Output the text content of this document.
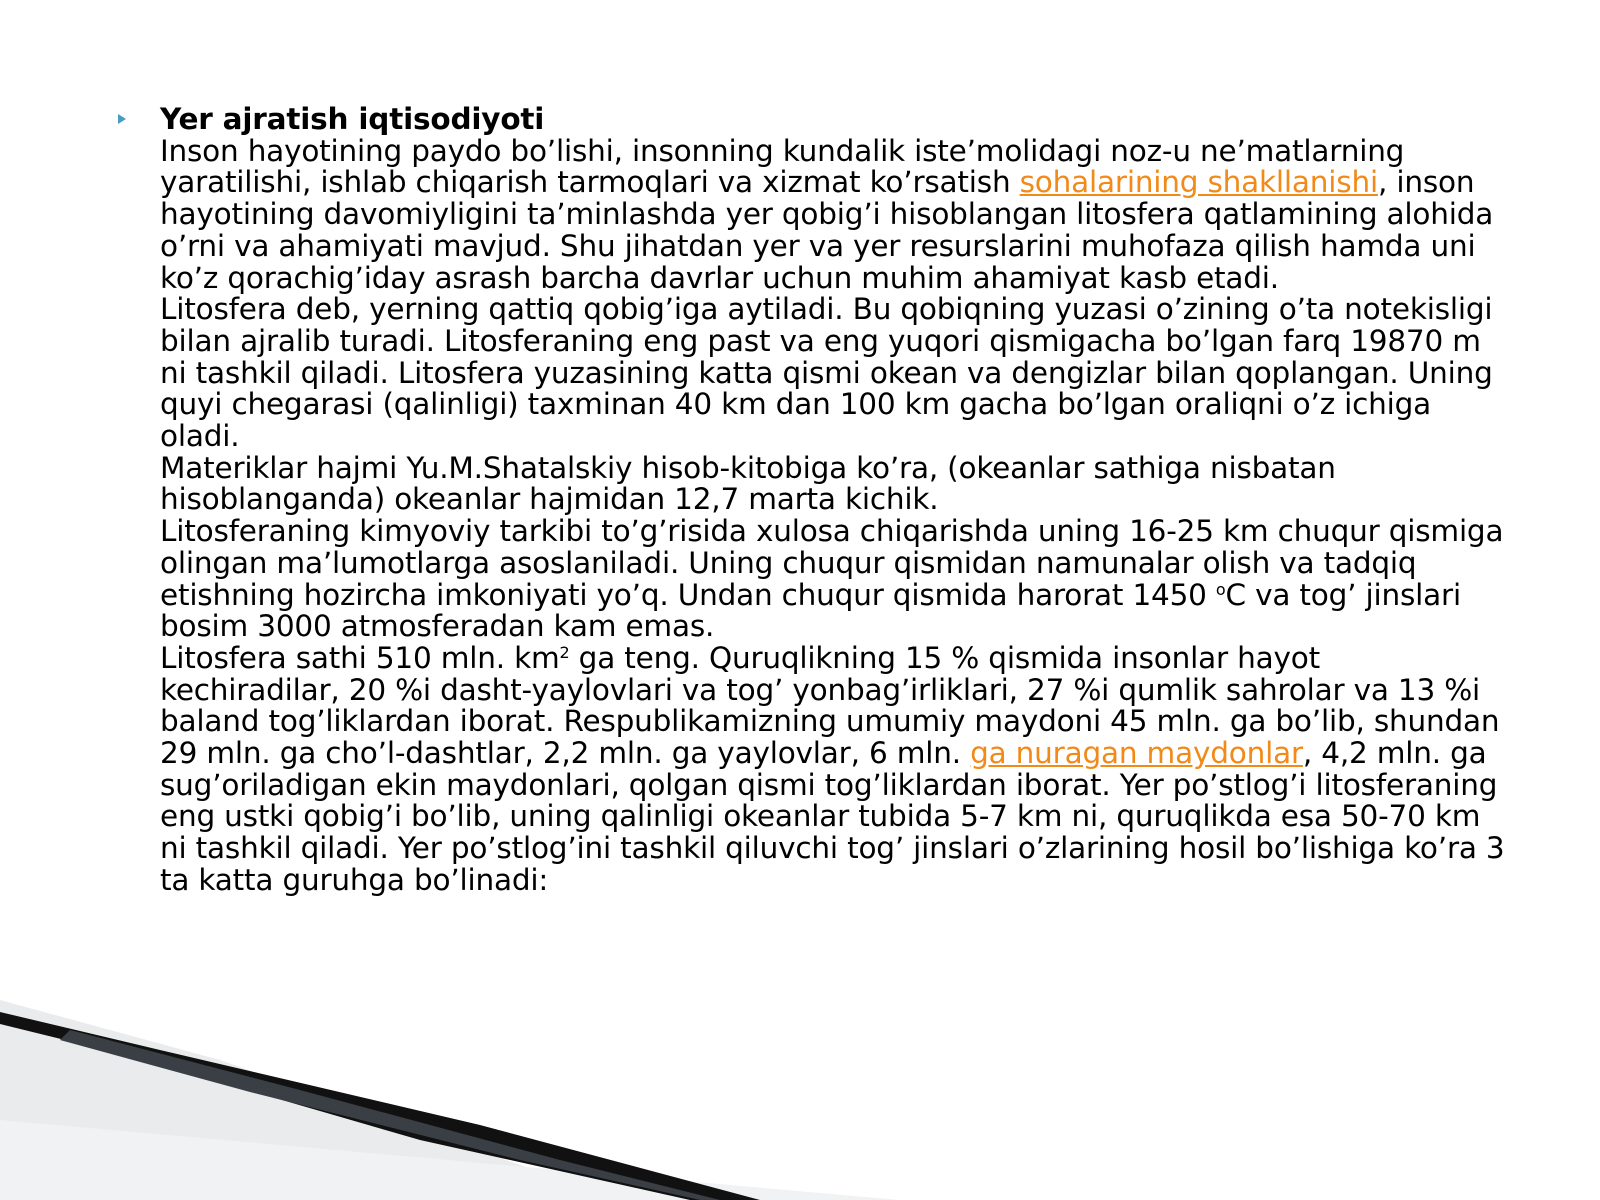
Yer ajratish iqtisodiyoti
Inson hayotining paydo bo’lishi, insonning kundalik iste’molidagi noz-u ne’matlarning yaratilishi, ishlab chiqarish tarmoqlari va xizmat ko’rsatish sohalarining shakllanishi, inson hayotining davomiyligini ta’minlashda yer qobig’i hisoblangan litosfera qatlamining alohida o’rni va ahamiyati mavjud. Shu jihatdan yer va yer resurslarini muhofaza qilish hamda uni ko’z qorachig’iday asrash barcha davrlar uchun muhim ahamiyat kasb etadi.
Litosfera deb, yerning qattiq qobig’iga aytiladi. Bu qobiqning yuzasi o’zining o’ta notekisligi bilan ajralib turadi. Litosferaning eng past va eng yuqori qismigacha bo’lgan farq 19870 m ni tashkil qiladi. Litosfera yuzasining katta qismi okean va dengizlar bilan qoplangan. Uning quyi chegarasi (qalinligi) taxminan 40 km dan 100 km gacha bo’lgan oraliqni o’z ichiga oladi.
Materiklar hajmi Yu.M.Shatalskiy hisob-kitobiga ko’ra, (okeanlar sathiga nisbatan hisoblanganda) okeanlar hajmidan 12,7 marta kichik.
Litosferaning kimyoviy tarkibi to’g’risida xulosa chiqarishda uning 16-25 km chuqur qismiga olingan ma’lumotlarga asoslaniladi. Uning chuqur qismidan namunalar olish va tadqiq etishning hozircha imkoniyati yo’q. Undan chuqur qismida harorat 1450 $^o$C va tog’ jinslari bosim 3000 atmosferadan kam emas.
Litosfera sathi 510 mln. $km^2$ ga teng. Quruqlikning 15 % qismida insonlar hayot kechiradilar, 20 %i dasht-yaylovlari va tog’ yonbag’irliklari, 27 %i qumlik sahrolar va 13 %i baland tog’liklardan iborat. Respublikamizning umumiy maydoni 45 mln. ga bo’lib, shundan 29 mln. ga cho’l-dashtlar, 2,2 mln. ga yaylovlar, 6 mln. ga nuragan maydonlar, 4,2 mln. ga sug’oriladigan ekin maydonlari, qolgan qismi tog’liklardan iborat. Yer po’stlog’i litosferaning eng ustki qobig’i bo’lib, uning qalinligi okeanlar tubida 5-7 km ni, quruqlikda esa 50-70 km ni tashkil qiladi. Yer po’stlog’ini tashkil qiluvchi tog’ jinslari o’zlarining hosil bo’lishiga ko’ra 3 ta katta guruhga bo’linadi:
